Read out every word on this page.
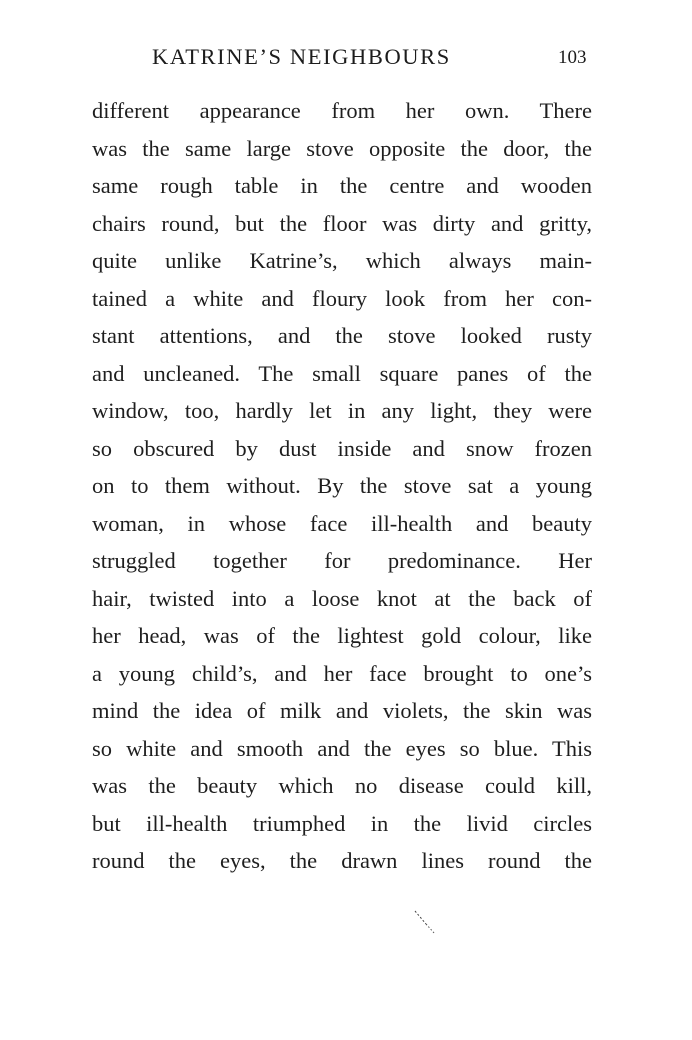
KATRINE’S NEIGHBOURS	103
different appearance from her own. There
was the same large stove opposite the door, the
same rough table in the centre and wooden
chairs round, but the floor was dirty and gritty,
quite unlike Katrine’s, which always main-
tained a white and floury look from her con-
stant attentions, and the stove looked rusty
and uncleaned. The small square panes of the
window, too, hardly let in any light, they were
so obscured by dust inside and snow frozen
on to them without. By the stove sat a young
woman, in whose face ill-health and beauty
struggled together for predominance. Her
hair, twisted into a loose knot at the back of
her head, was of the lightest gold colour, like
a young child’s, and her face brought to one’s
mind the idea of milk and violets, the skin was
so white and smooth and the eyes so blue. This
was the beauty which no disease could kill,
but ill-health triumphed in the livid circles
round the eyes, the drawn lines round the
